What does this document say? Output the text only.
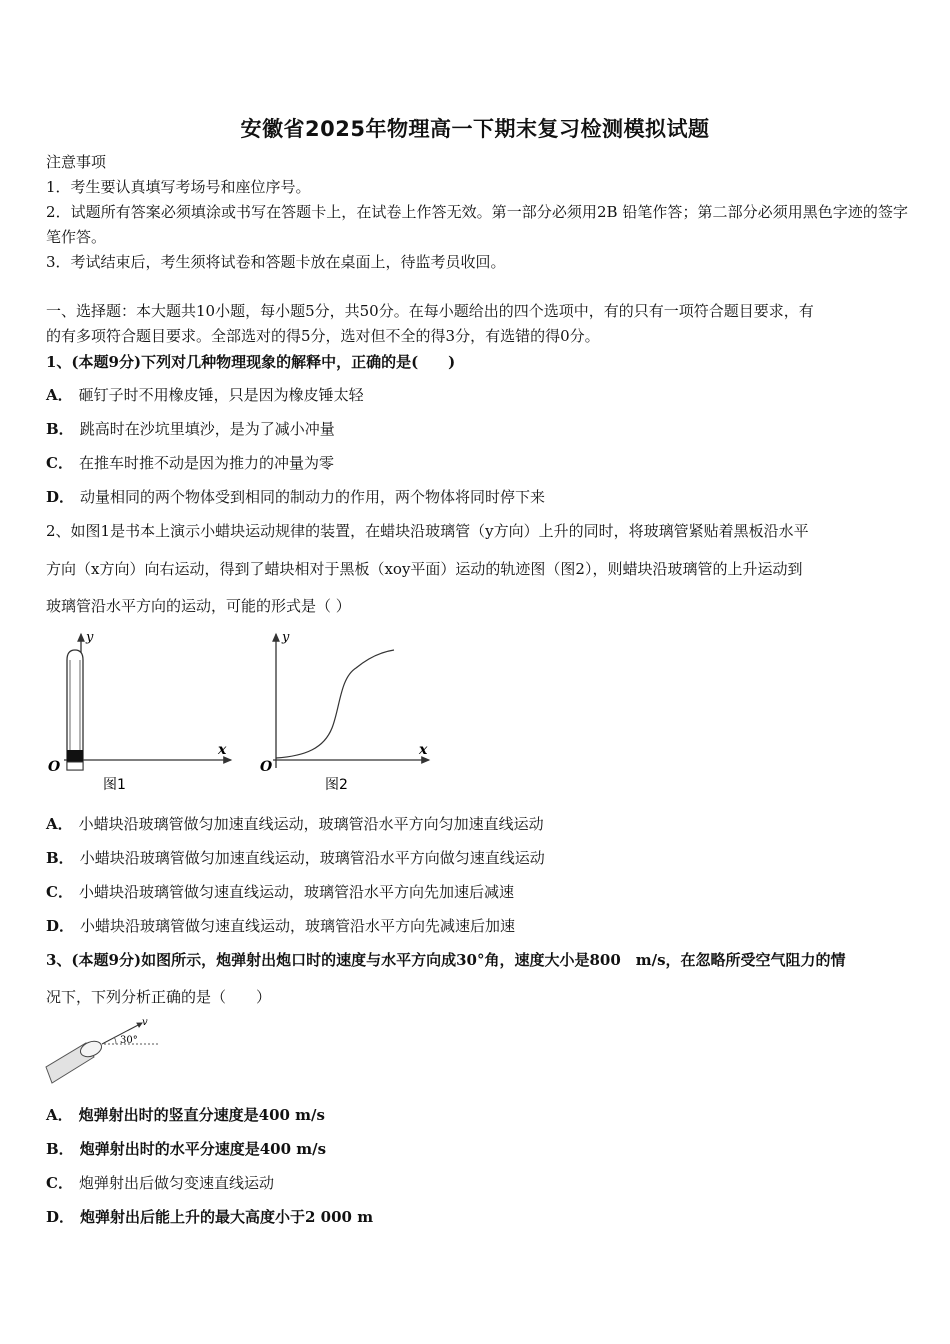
安徽省2025年物理高一下期末复习检测模拟试题
注意事项
1．考生要认真填写考场号和座位序号。
2．试题所有答案必须填涂或书写在答题卡上，在试卷上作答无效。第一部分必须用2B 铅笔作答；第二部分必须用黑色字迹的签字笔作答。
3．考试结束后，考生须将试卷和答题卡放在桌面上，待监考员收回。
一、选择题：本大题共10小题，每小题5分，共50分。在每小题给出的四个选项中，有的只有一项符合题目要求，有
的有多项符合题目要求。全部选对的得5分，选对但不全的得3分，有选错的得0分。
1、(本题9分)下列对几种物理现象的解释中，正确的是(　　)
A． 砸钉子时不用橡皮锤，只是因为橡皮锤太轻
B． 跳高时在沙坑里填沙，是为了减小冲量
C． 在推车时推不动是因为推力的冲量为零
D． 动量相同的两个物体受到相同的制动力的作用，两个物体将同时停下来
2、如图1是书本上演示小蜡块运动规律的装置，在蜡块沿玻璃管（y方向）上升的同时，将玻璃管紧贴着黑板沿水平
方向（x方向）向右运动，得到了蜡块相对于黑板（xoy平面）运动的轨迹图（图2），则蜡块沿玻璃管的上升运动到
玻璃管沿水平方向的运动，可能的形式是（ ）
y
x
O
图1
y
x
O
图2
A． 小蜡块沿玻璃管做匀加速直线运动，玻璃管沿水平方向匀加速直线运动
B． 小蜡块沿玻璃管做匀加速直线运动，玻璃管沿水平方向做匀速直线运动
C． 小蜡块沿玻璃管做匀速直线运动，玻璃管沿水平方向先加速后减速
D． 小蜡块沿玻璃管做匀速直线运动，玻璃管沿水平方向先减速后加速
3、(本题9分)如图所示，炮弹射出炮口时的速度与水平方向成30°角，速度大小是800　m/s，在忽略所受空气阻力的情
况下，下列分析正确的是（　　）
v
30°
A． 炮弹射出时的竖直分速度是400 m/s
B． 炮弹射出时的水平分速度是400 m/s
C． 炮弹射出后做匀变速直线运动
D． 炮弹射出后能上升的最大高度小于2 000 m
